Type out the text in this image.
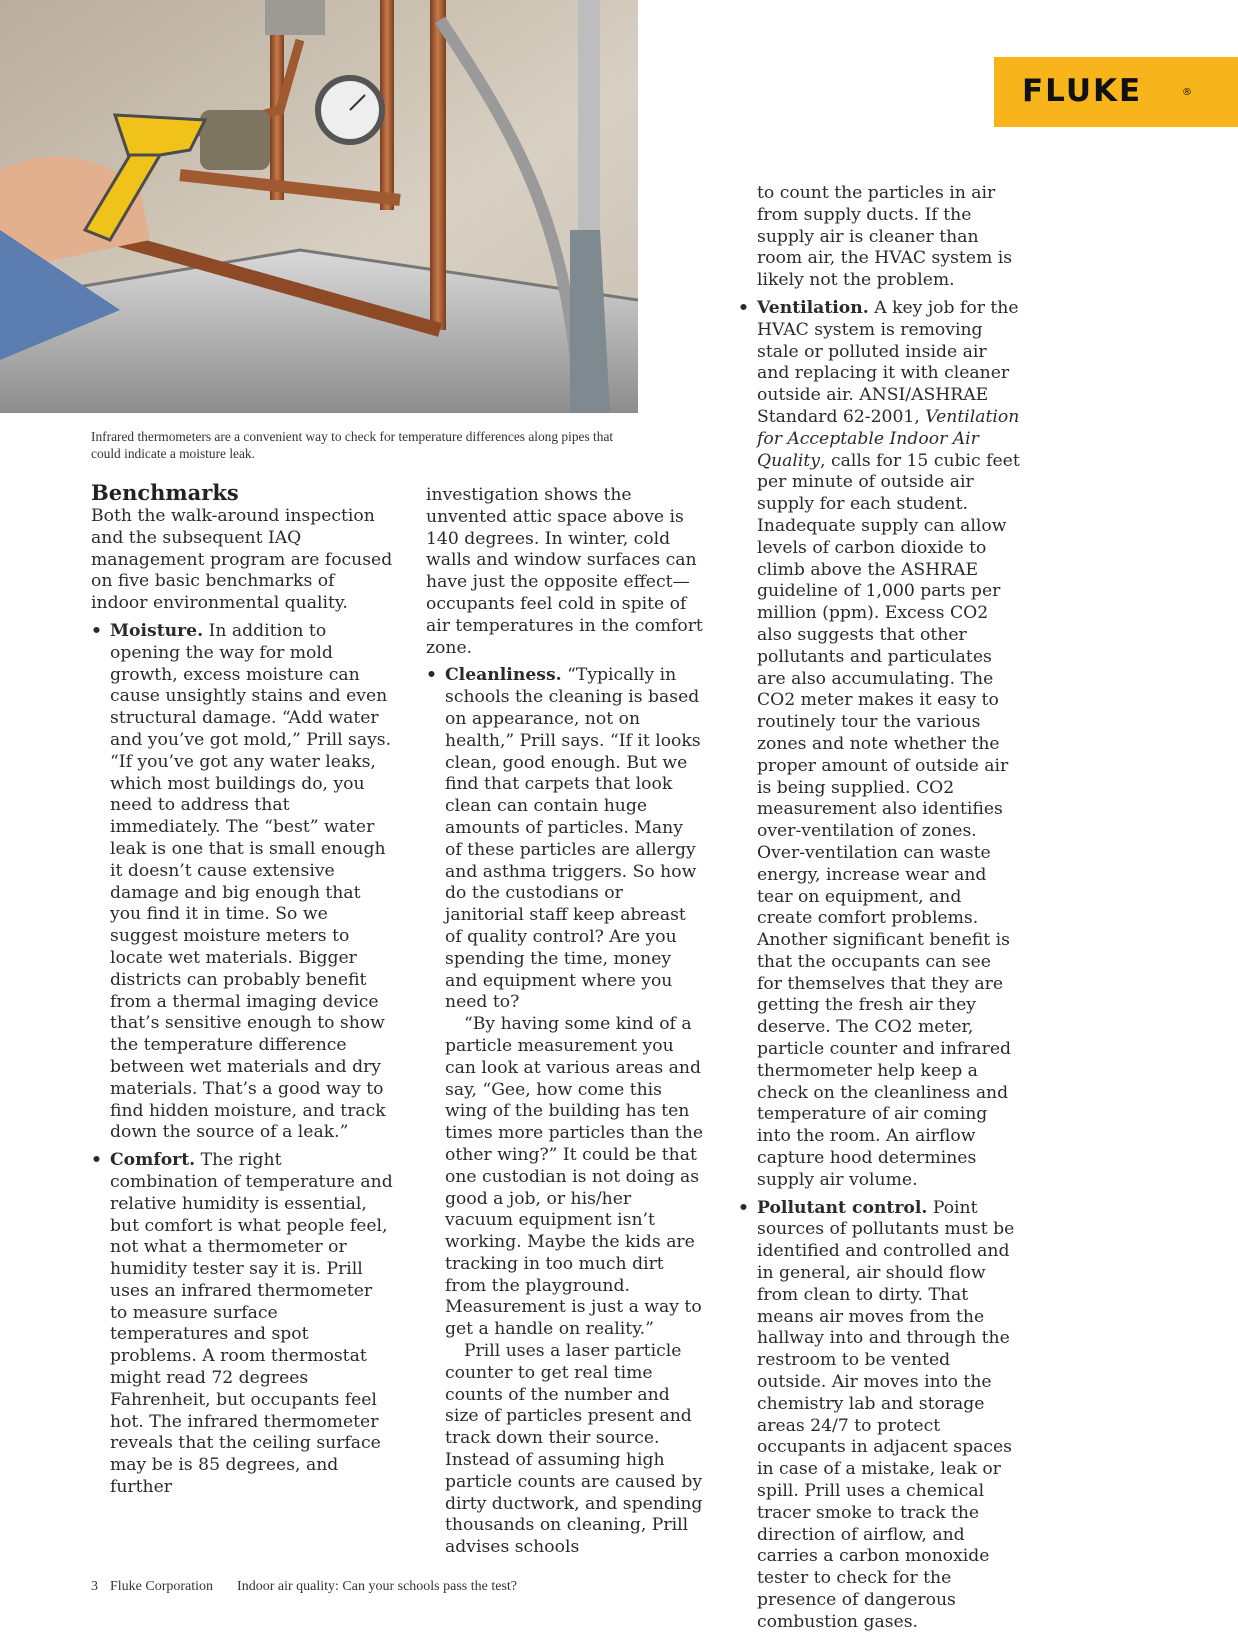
FLUKE	®
Infrared thermometers are a convenient way to check for temperature differences along pipes that could indicate a moisture leak.

Benchmarks

Both the walk-around inspection and the subsequent IAQ management program are focused on five basic benchmarks of indoor environmental quality.

• Moisture. In addition to opening the way for mold growth, excess moisture can cause unsightly stains and even structural damage. “Add water and you’ve got mold,” Prill says. “If you’ve got any water leaks, which most buildings do, you need to address that immediately. The “best” water leak is one that is small enough it doesn’t cause extensive damage and big enough that you find it in time. So we suggest moisture meters to locate wet materials. Bigger districts can probably benefit from a thermal imaging device that’s sensitive enough to show the temperature difference between wet materials and dry materials. That’s a good way to find hidden moisture, and track down the source of a leak.”

• Comfort. The right combination of temperature and relative humidity is essential, but comfort is what people feel, not what a thermometer or humidity tester say it is. Prill uses an infrared thermometer to measure surface temperatures and spot problems. A room thermostat might read 72 degrees Fahrenheit, but occupants feel hot. The infrared thermometer reveals that the ceiling surface may be is 85 degrees, and further

investigation shows the unvented attic space above is 140 degrees. In winter, cold walls and window surfaces can have just the opposite effect—occupants feel cold in spite of air temperatures in the comfort zone.

• Cleanliness. “Typically in schools the cleaning is based on appearance, not on health,” Prill says. “If it looks clean, good enough. But we find that carpets that look clean can contain huge amounts of particles. Many of these particles are allergy and asthma triggers. So how do the custodians or janitorial staff keep abreast of quality control? Are you spending the time, money and equipment where you need to?

“By having some kind of a particle measurement you can look at various areas and say, “Gee, how come this wing of the building has ten times more particles than the other wing?” It could be that one custodian is not doing as good a job, or his/her vacuum equipment isn’t working. Maybe the kids are tracking in too much dirt from the playground. Measurement is just a way to get a handle on reality.”

Prill uses a laser particle counter to get real time counts of the number and size of particles present and track down their source. Instead of assuming high particle counts are caused by dirty ductwork, and spending thousands on cleaning, Prill advises schools

to count the particles in air from supply ducts. If the supply air is cleaner than room air, the HVAC system is likely not the problem.

• Ventilation. A key job for the HVAC system is removing stale or polluted inside air and replacing it with cleaner outside air. ANSI/ASHRAE Standard 62-2001, Ventilation for Acceptable Indoor Air Quality, calls for 15 cubic feet per minute of outside air supply for each student. Inadequate supply can allow levels of carbon dioxide to climb above the ASHRAE guideline of 1,000 parts per million (ppm). Excess CO2 also suggests that other pollutants and particulates are also accumulating. The CO2 meter makes it easy to routinely tour the various zones and note whether the proper amount of outside air is being supplied. CO2 measurement also identifies over-ventilation of zones. Over-ventilation can waste energy, increase wear and tear on equipment, and create comfort problems. Another significant benefit is that the occupants can see for themselves that they are getting the fresh air they deserve. The CO2 meter, particle counter and infrared thermometer help keep a check on the cleanliness and temperature of air coming into the room. An airflow capture hood determines supply air volume.

• Pollutant control. Point sources of pollutants must be identified and controlled and in general, air should flow from clean to dirty. That means air moves from the hallway into and through the restroom to be vented outside. Air moves into the chemistry lab and storage areas 24/7 to protect occupants in adjacent spaces in case of a mistake, leak or spill. Prill uses a chemical tracer smoke to track the direction of airflow, and carries a carbon monoxide tester to check for the presence of dangerous combustion gases.

3 Fluke Corporation Indoor air quality: Can your schools pass the test?
